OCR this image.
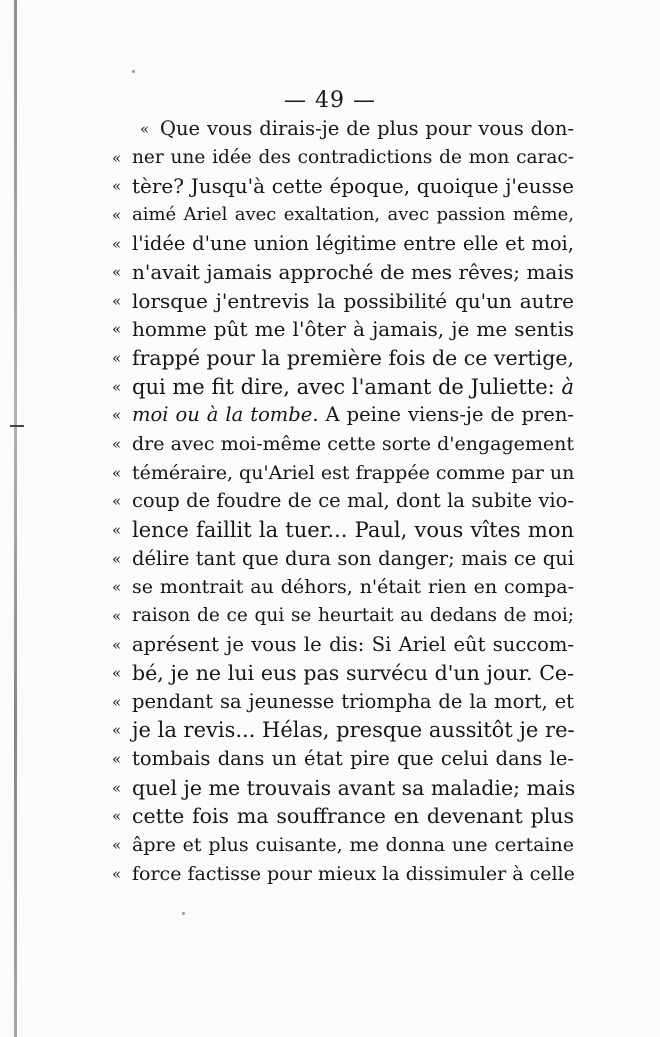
— 49 —
« Que vous dirais-je de plus pour vous don-
« ner une idée des contradictions de mon carac-
« tère? Jusqu'à cette époque, quoique j'eusse
« aimé Ariel avec exaltation, avec passion même,
« l'idée d'une union légitime entre elle et moi,
« n'avait jamais approché de mes rêves; mais
« lorsque j'entrevis la possibilité qu'un autre
« homme pût me l'ôter à jamais, je me sentis
« frappé pour la première fois de ce vertige,
« qui me fit dire, avec l'amant de Juliette: à
« moi ou à la tombe. A peine viens-je de pren-
« dre avec moi-même cette sorte d'engagement
« téméraire, qu'Ariel est frappée comme par un
« coup de foudre de ce mal, dont la subite vio-
« lence faillit la tuer... Paul, vous vîtes mon
« délire tant que dura son danger; mais ce qui
« se montrait au déhors, n'était rien en compa-
« raison de ce qui se heurtait au dedans de moi;
« aprésent je vous le dis: Si Ariel eût succom-
« bé, je ne lui eus pas survécu d'un jour. Ce-
« pendant sa jeunesse triompha de la mort, et
« je la revis... Hélas, presque aussitôt je re-
« tombais dans un état pire que celui dans le-
« quel je me trouvais avant sa maladie; mais
« cette fois ma souffrance en devenant plus
« âpre et plus cuisante, me donna une certaine
« force factisse pour mieux la dissimuler à celle
